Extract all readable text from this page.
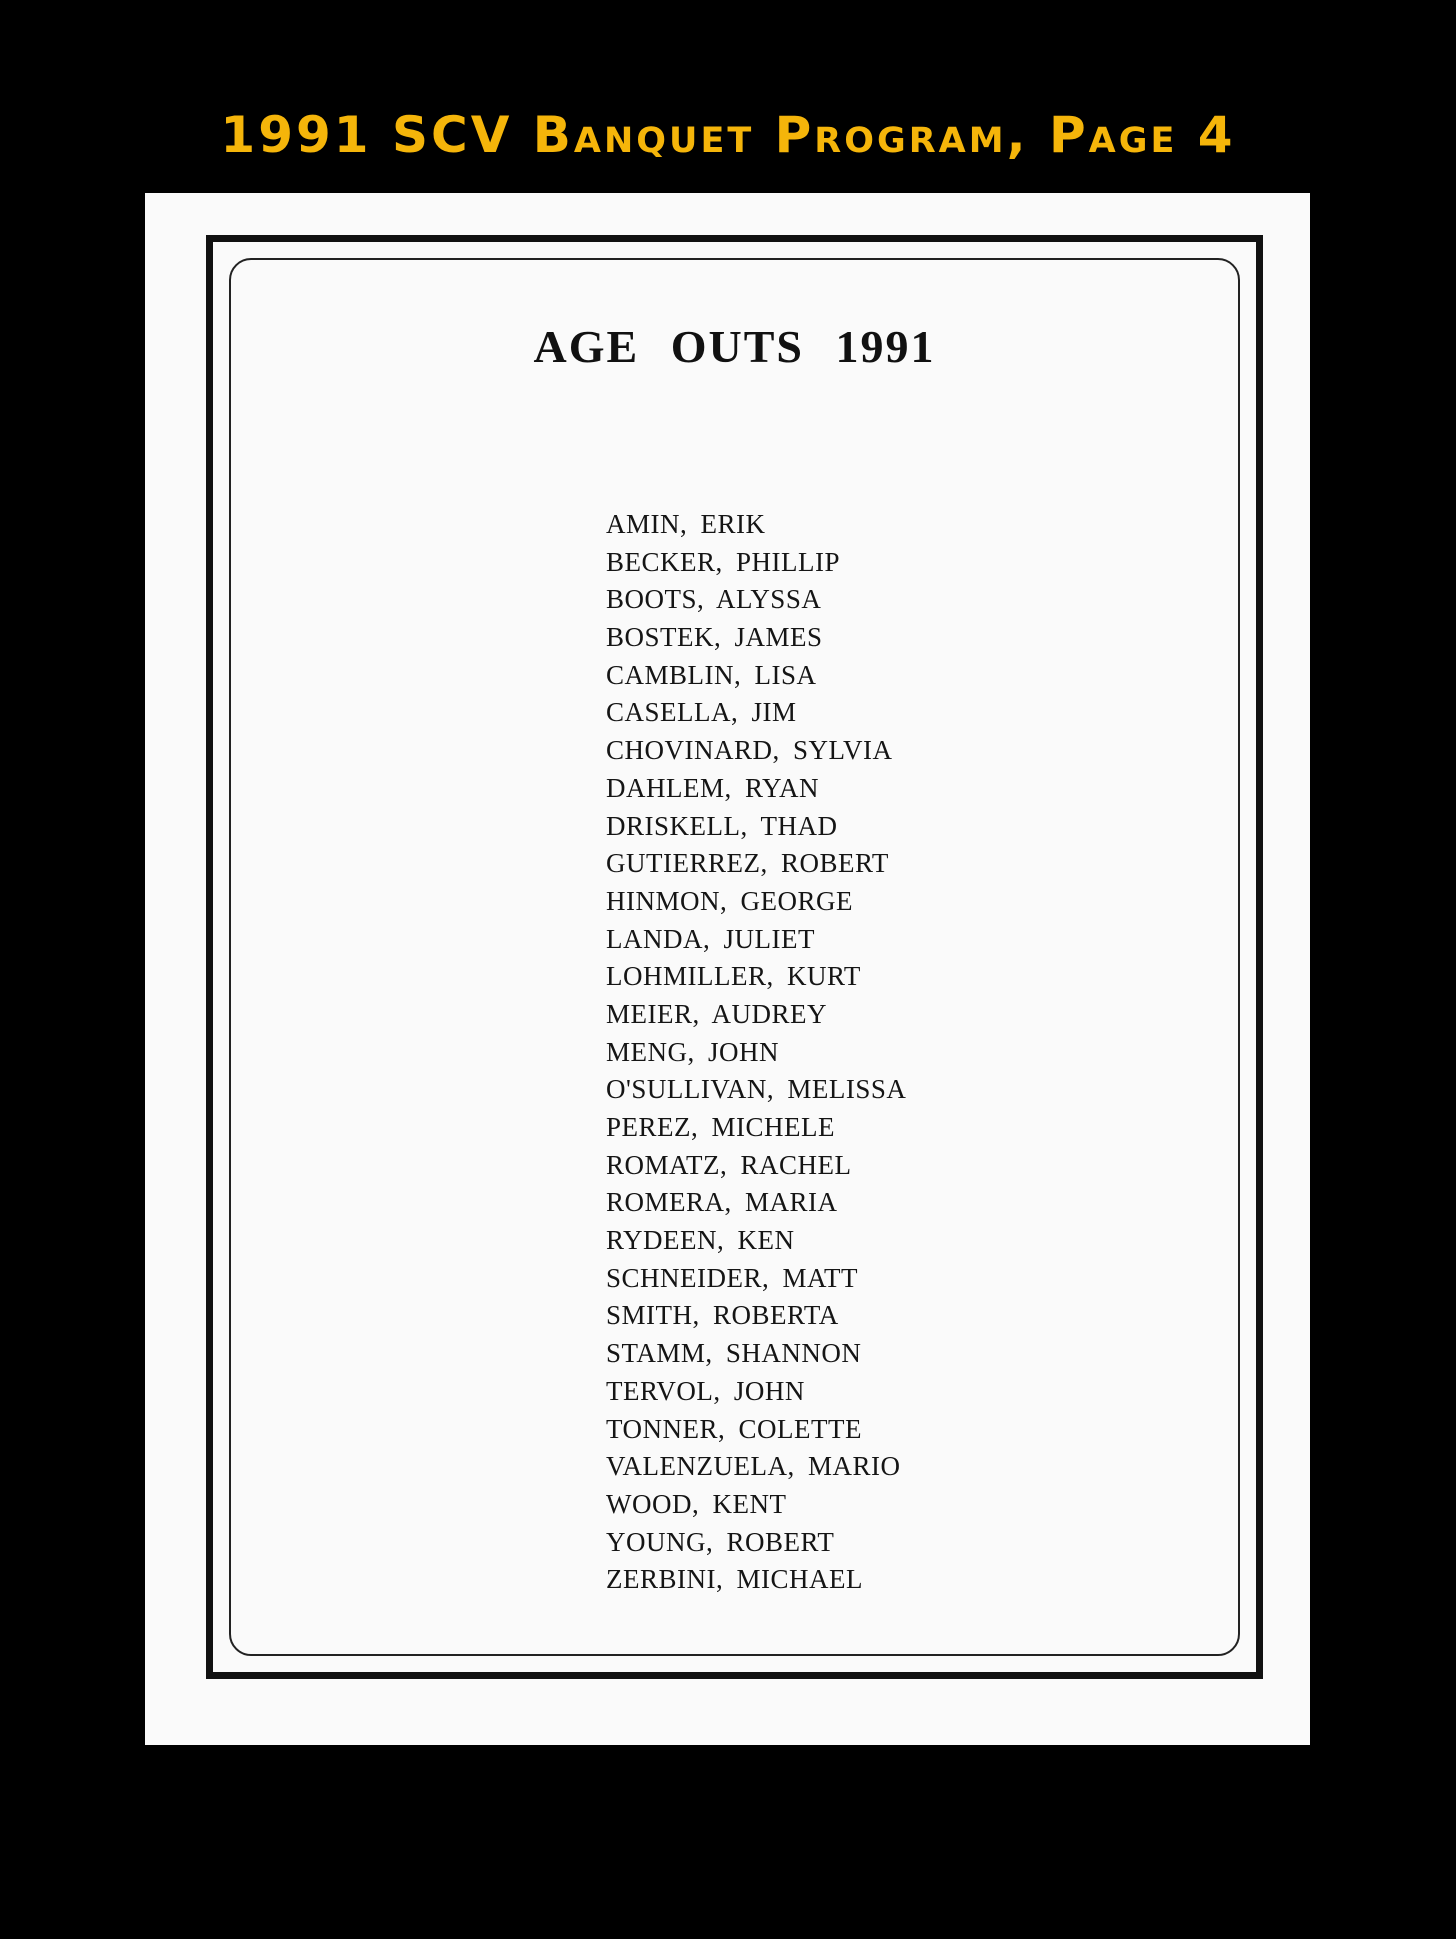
1991 SCV Banquet Program, Page 4
AGE OUTS 1991
AMIN, ERIK
BECKER, PHILLIP
BOOTS, ALYSSA
BOSTEK, JAMES
CAMBLIN, LISA
CASELLA, JIM
CHOVINARD, SYLVIA
DAHLEM, RYAN
DRISKELL, THAD
GUTIERREZ, ROBERT
HINMON, GEORGE
LANDA, JULIET
LOHMILLER, KURT
MEIER, AUDREY
MENG, JOHN
O'SULLIVAN, MELISSA
PEREZ, MICHELE
ROMATZ, RACHEL
ROMERA, MARIA
RYDEEN, KEN
SCHNEIDER, MATT
SMITH, ROBERTA
STAMM, SHANNON
TERVOL, JOHN
TONNER, COLETTE
VALENZUELA, MARIO
WOOD, KENT
YOUNG, ROBERT
ZERBINI, MICHAEL
